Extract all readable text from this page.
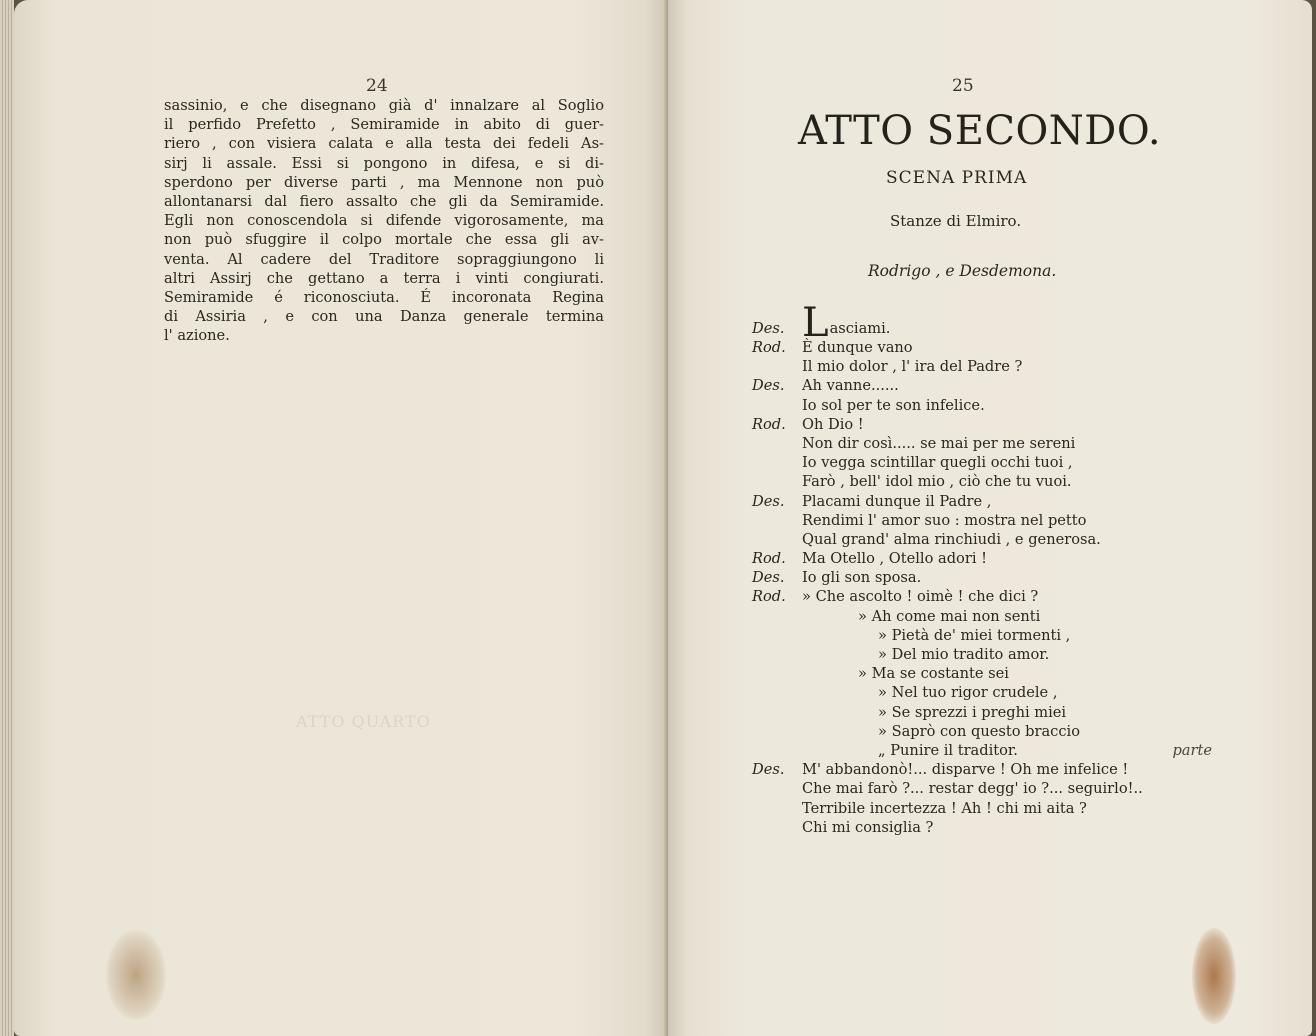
24
sassinio, e che disegnano già d' innalzare al Soglio
il perfido Prefetto , Semiramide in abito di guer-
riero , con visiera calata e alla testa dei fedeli As-
sirj li assale. Essi si pongono in difesa, e si di-
sperdono per diverse parti , ma Mennone non può
allontanarsi dal fiero assalto che gli da Semiramide.
Egli non conoscendola si difende vigorosamente, ma
non può sfuggire il colpo mortale che essa gli av-
venta. Al cadere del Traditore sopraggiungono li
altri Assirj che gettano a terra i vinti congiurati.
Semiramide é riconosciuta. É incoronata Regina
di Assiria , e con una Danza generale termina
l' azione.
ATTO QUARTO
25
ATTO SECONDO.
SCENA PRIMA
Stanze di Elmiro.
Rodrigo , e Desdemona.
Des. Lasciami.
Rod.	È dunque vano
Il mio dolor , l' ira del Padre ?
Des.	Ah vanne......
Io sol per te son infelice.
Rod.	Oh Dio !
Non dir così..... se mai per me sereni
Io vegga scintillar quegli occhi tuoi ,
Farò , bell' idol mio , ciò che tu vuoi.
Des.	Placami dunque il Padre ,
Rendimi l' amor suo : mostra nel petto
Qual grand' alma rinchiudi , e generosa.
Rod.	Ma Otello , Otello adori !
Des.	Io gli son sposa.
Rod.	» Che ascolto ! oimè ! che dici ?
» Ah come mai non senti
» Pietà de' miei tormenti ,
» Del mio tradito amor.
» Ma se costante sei
» Nel tuo rigor crudele ,
» Se sprezzi i preghi miei
» Saprò con questo braccio
„ Punire il traditor.	parte
Des.	M' abbandonò!... disparve ! Oh me infelice !
Che mai farò ?... restar degg' io ?... seguirlo!..
Terribile incertezza ! Ah ! chi mi aita ?
Chi mi consiglia ?
